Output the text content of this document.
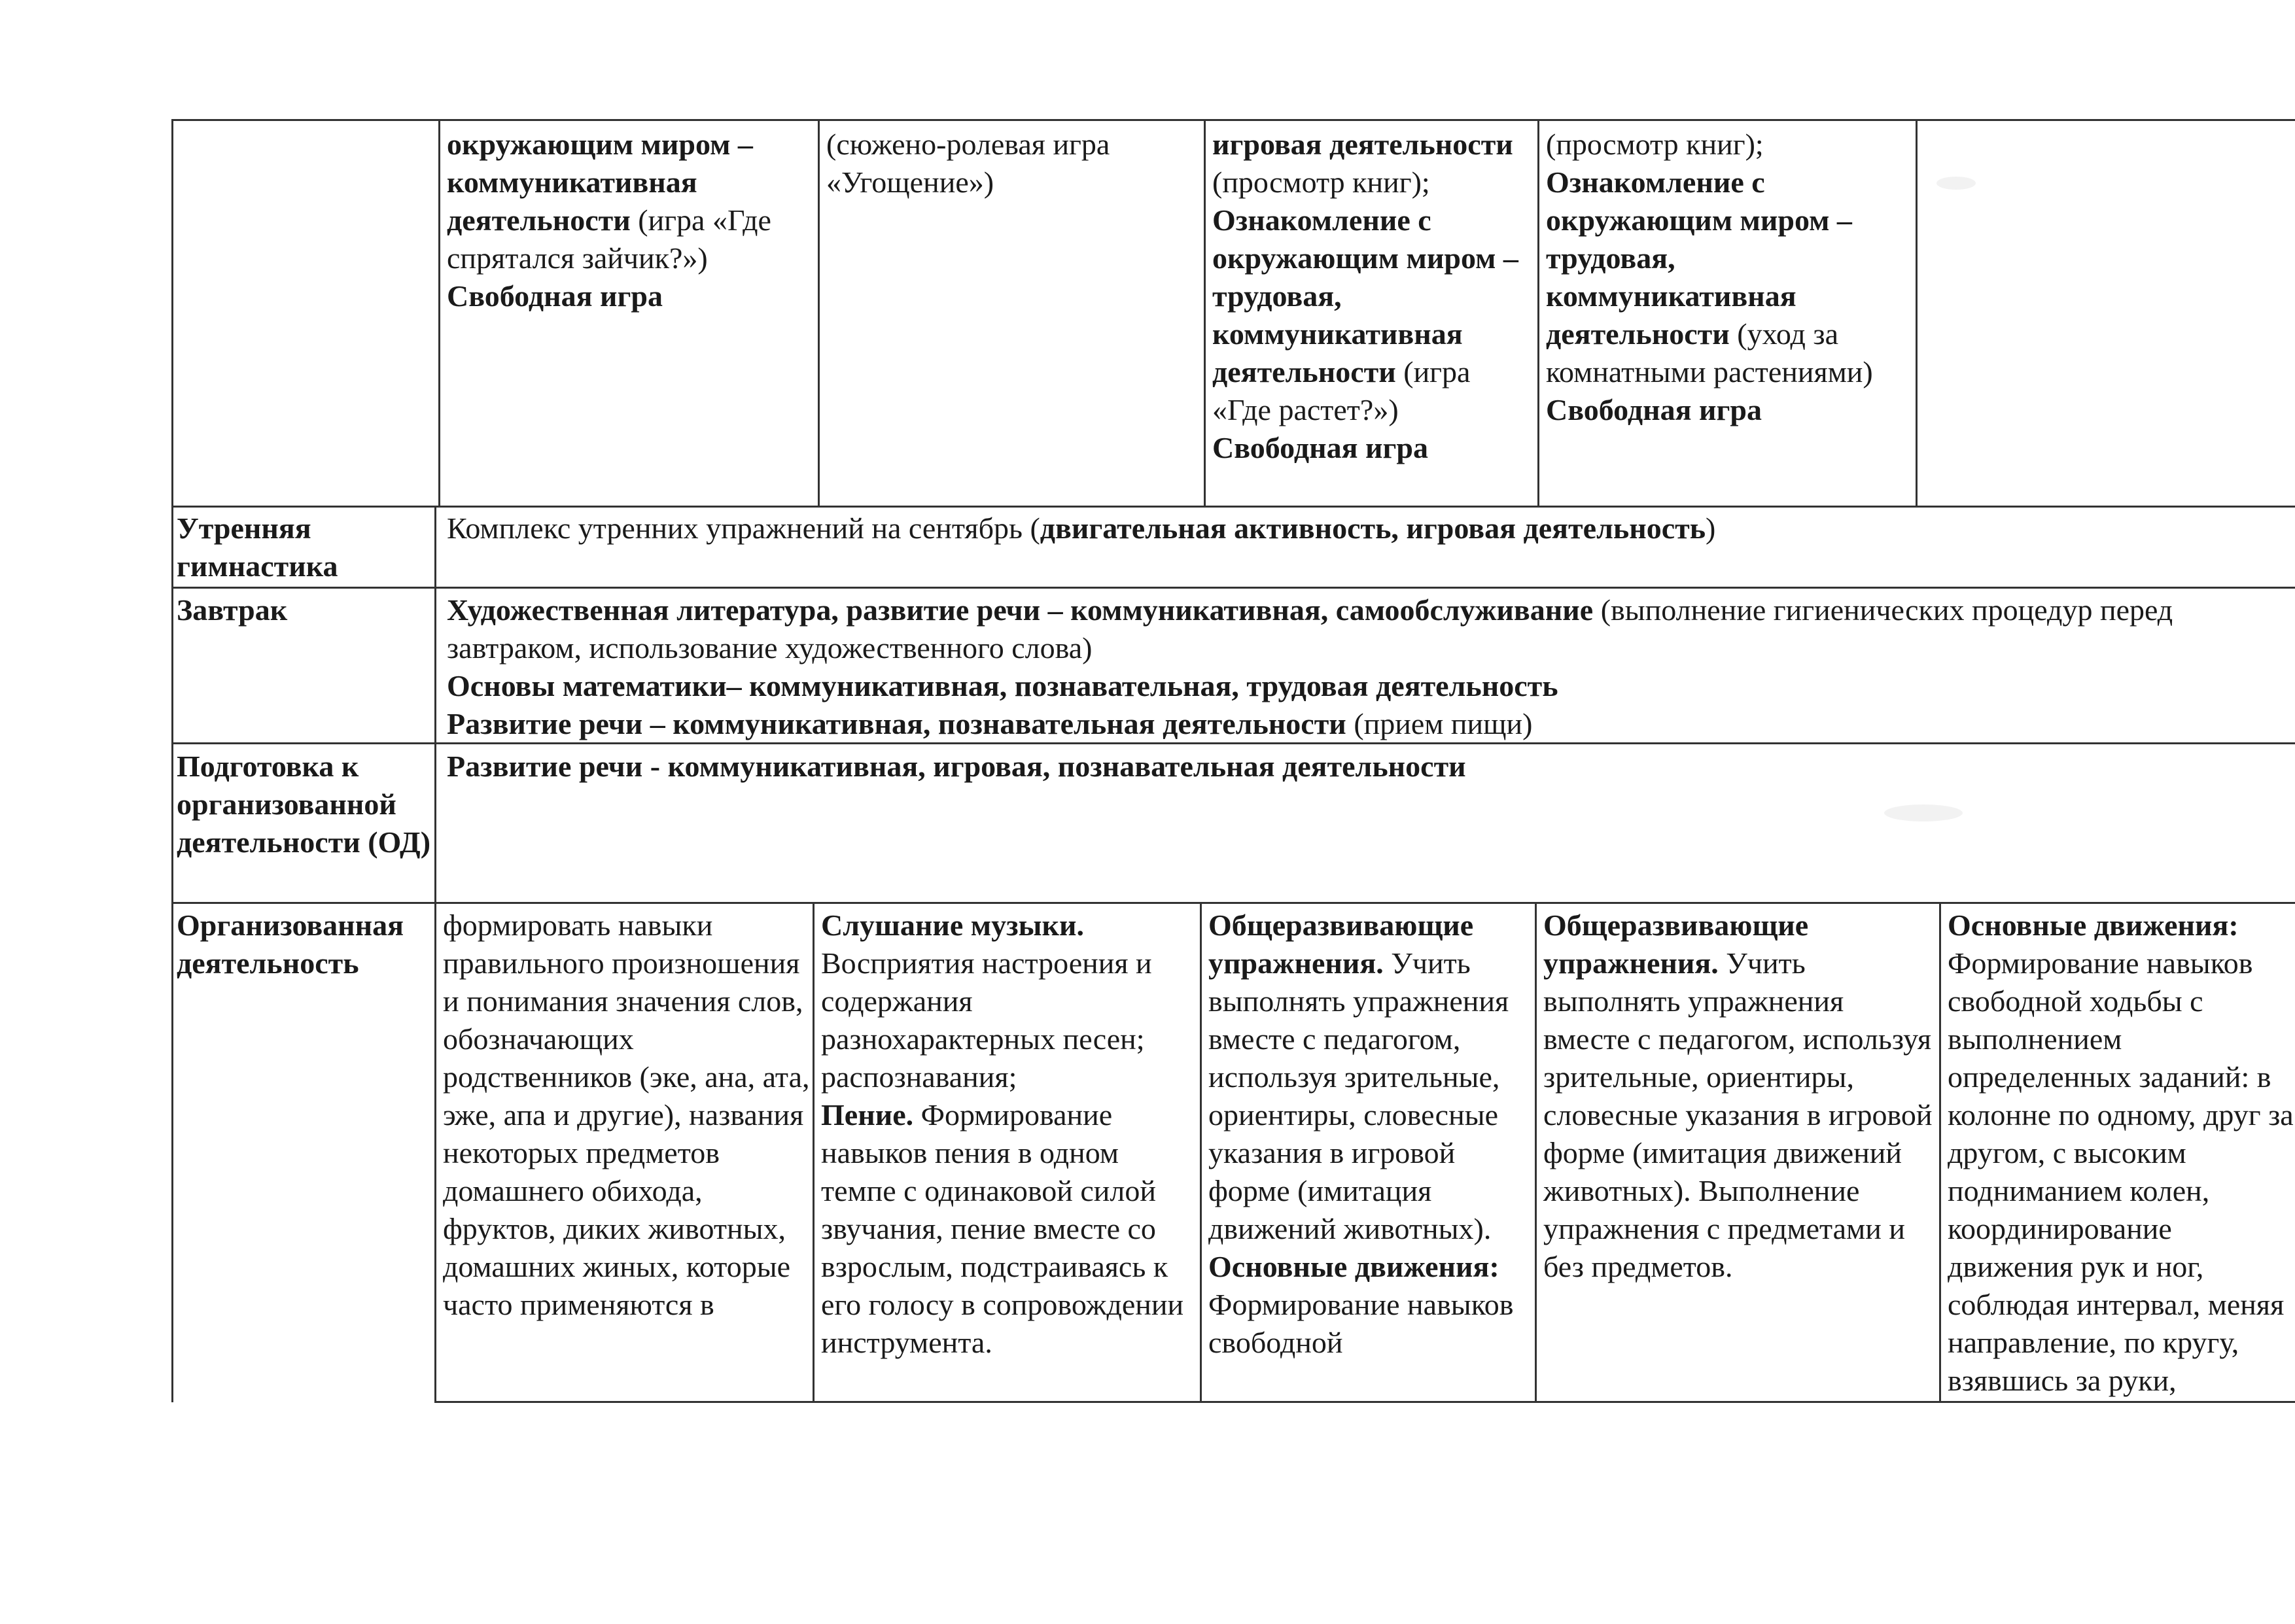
окружающим миром – коммуникативная деятельности (игра «Где спрятался зайчик?»)
Свободная игра
(сюжено-ролевая игра «Угощение»)
игровая деятельности (просмотр книг);
Ознакомление с окружающим миром – трудовая, коммуникативная деятельности (игра «Где растет?»)
Свободная игра
(просмотр книг);
Ознакомление с окружающим миром – трудовая, коммуникативная деятельности (уход за комнатными растениями)
Свободная игра
Утренняя гимнастика
Комплекс утренних упражнений на сентябрь (двигательная активность, игровая деятельность)
Завтрак	Художественная литература, развитие речи – коммуникативная, самообслуживание (выполнение гигиенических процедур перед завтраком, использование художественного слова)
Основы математики– коммуникативная, познавательная, трудовая деятельность
Развитие речи – коммуникативная, познавательная деятельности (прием пищи)
Подготовка к организованной деятельности (ОД)
Развитие речи - коммуникативная, игровая, познавательная деятельности
Организованная деятельность
формировать навыки правильного произношения и понимания значения слов, обозначающих родственников (эке, ана, ата, эже, апа и другие), названия некоторых предметов домашнего обихода, фруктов, диких животных, домашних жиных, которые часто применяются в
Слушание музыки. Восприятия настроения и содержания разнохарактерных песен; распознавания;
Пение. Формирование навыков пения в одном темпе с одинаковой силой звучания, пение вместе со взрослым, подстраиваясь к его голосу в сопровождении инструмента.
Общеразвивающие упражнения. Учить выполнять упражнения вместе с педагогом, используя зрительные, ориентиры, словесные указания в игровой форме (имитация движений животных).
Основные движения: Формирование навыков свободной
Общеразвивающие упражнения. Учить выполнять упражнения вместе с педагогом, используя зрительные, ориентиры, словесные указания в игровой форме (имитация движений животных). Выполнение упражнения с предметами и без предметов.
Основные движения: Формирование навыков свободной ходьбы с выполнением определенных заданий: в колонне по одному, друг за другом, с высоким подниманием колен, координирование движения рук и ног, соблюдая интервал, меняя направление, по кругу, взявшись за руки,
